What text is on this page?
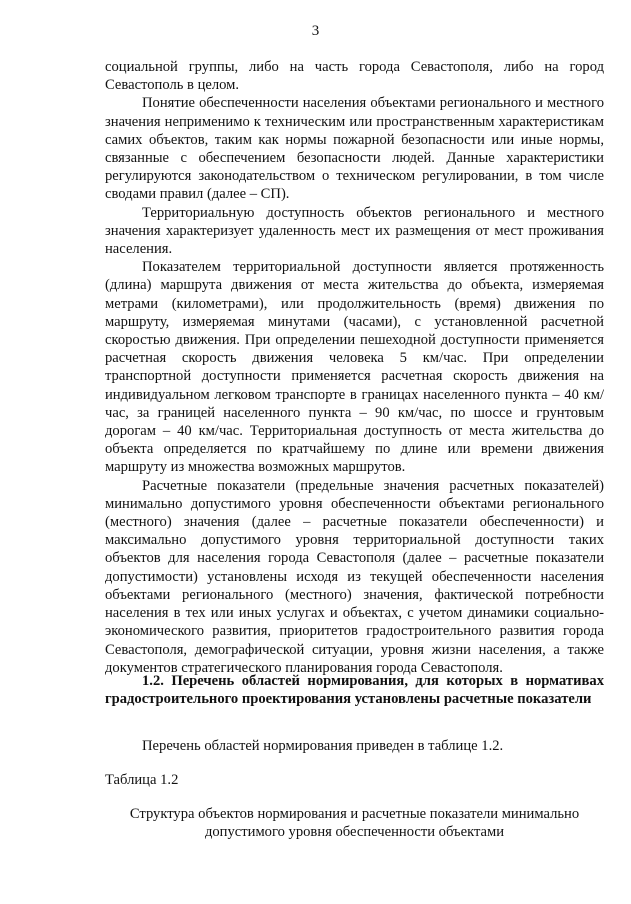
3

социальной группы, либо на часть города Севастополя, либо на город Севастополь в целом.

Понятие обеспеченности населения объектами регионального и местного значения неприменимо к техническим или пространственным характеристикам самих объектов, таким как нормы пожарной безопасности или иные нормы, связанные с обеспечением безопасности людей. Данные характеристики регулируются законодательством о техническом регулировании, в том числе сводами правил (далее – СП).

Территориальную доступность объектов регионального и местного значения характеризует удаленность мест их размещения от мест проживания населения.

Показателем территориальной доступности является протяженность (длина) маршрута движения от места жительства до объекта, измеряемая метрами (километрами), или продолжительность (время) движения по маршруту, измеряемая минутами (часами), с установленной расчетной скоростью движения. При определении пешеходной доступности применяется расчетная скорость движения человека 5 км/час. При определении транспортной доступности применяется расчетная скорость движения на индивидуальном легковом транспорте в границах населенного пункта – 40 км/час, за границей населенного пункта – 90 км/час, по шоссе и грунтовым дорогам – 40 км/час. Территориальная доступность от места жительства до объекта определяется по кратчайшему по длине или времени движения маршруту из множества возможных маршрутов.

Расчетные показатели (предельные значения расчетных показателей) минимально допустимого уровня обеспеченности объектами регионального (местного) значения (далее – расчетные показатели обеспеченности) и максимально допустимого уровня территориальной доступности таких объектов для населения города Севастополя (далее – расчетные показатели допустимости) установлены исходя из текущей обеспеченности населения объектами регионального (местного) значения, фактической потребности населения в тех или иных услугах и объектах, с учетом динамики социально-экономического развития, приоритетов градостроительного развития города Севастополя, демографической ситуации, уровня жизни населения, а также документов стратегического планирования города Севастополя.

1.2. Перечень областей нормирования, для которых в нормативах градостроительного проектирования установлены расчетные показатели
Перечень областей нормирования приведен в таблице 1.2.
Таблица 1.2
Структура объектов нормирования и расчетные показатели минимально допустимого уровня обеспеченности объектами
